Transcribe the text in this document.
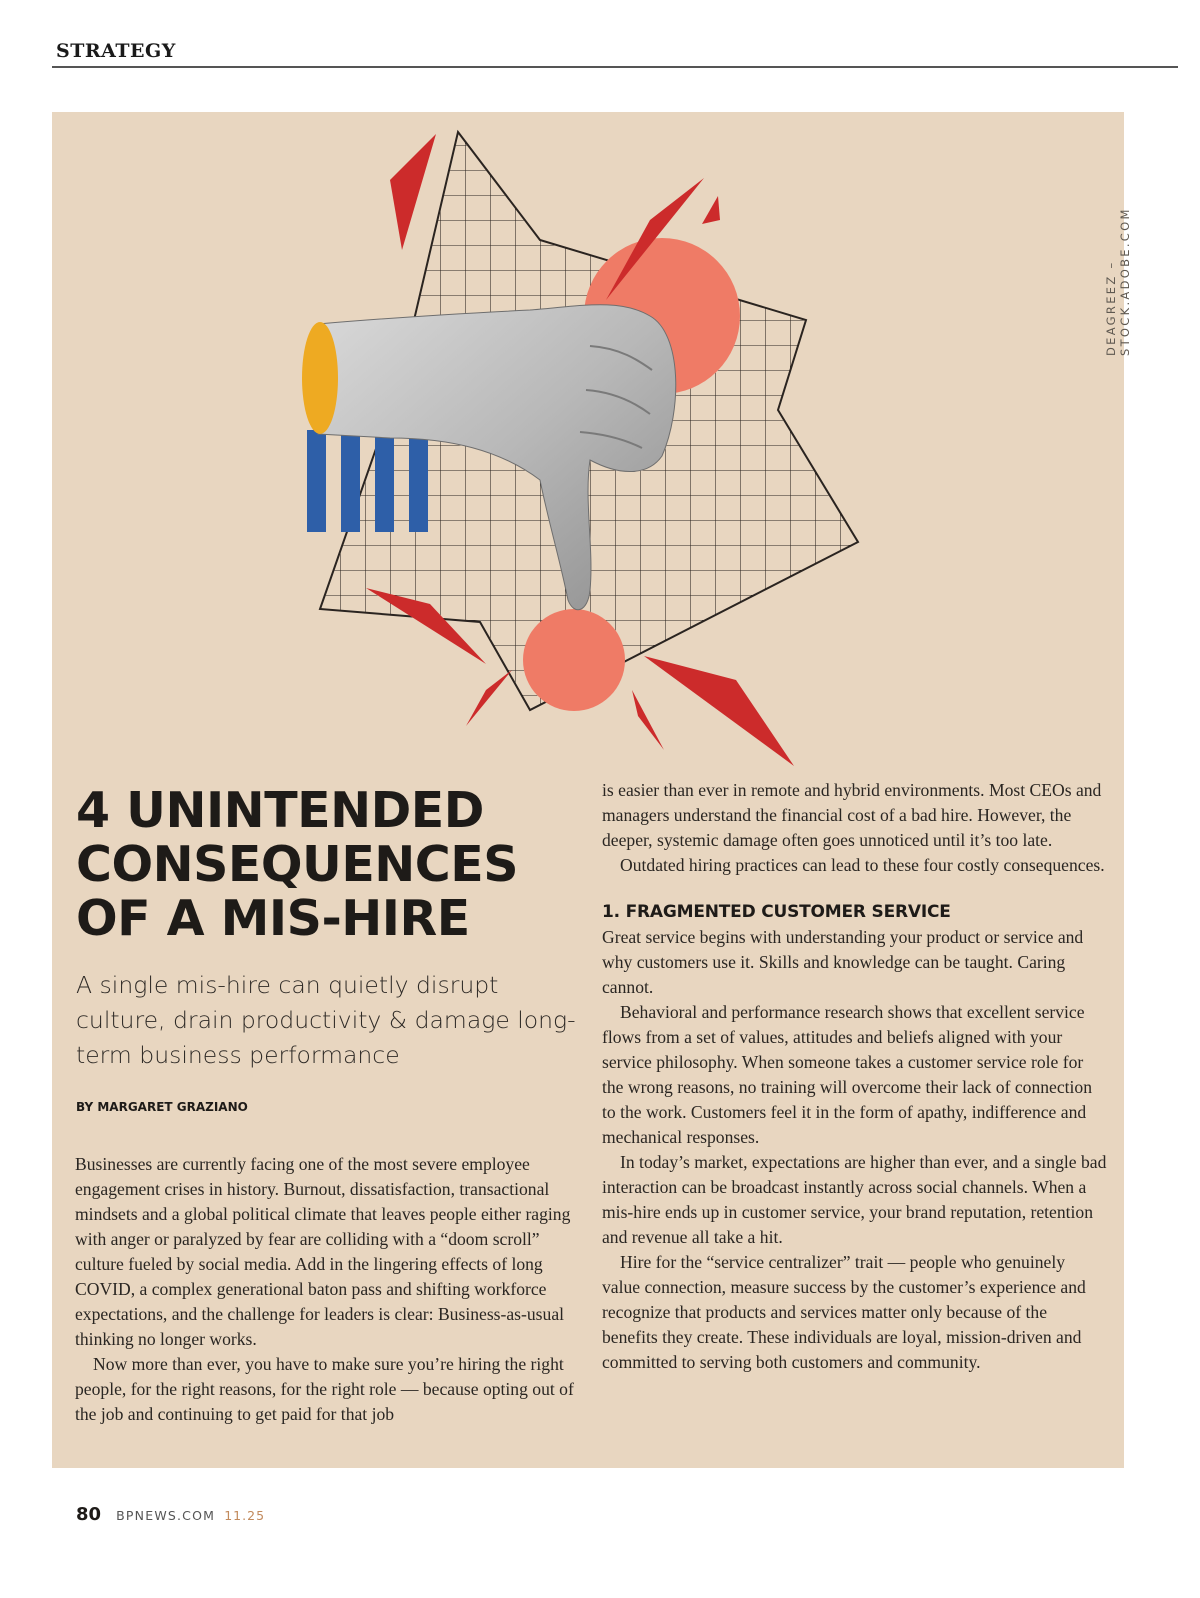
STRATEGY
DEAGREEZ – STOCK.ADOBE.COM
4 UNINTENDED
CONSEQUENCES
OF A MIS-HIRE

A single mis-hire can quietly disrupt culture, drain productivity & damage long-term business performance

BY MARGARET GRAZIANO

Businesses are currently facing one of the most severe employee engagement crises in history. Burnout, dissatisfaction, transactional mindsets and a global political climate that leaves people either raging with anger or paralyzed by fear are colliding with a “doom scroll” culture fueled by social media. Add in the lingering effects of long COVID, a complex generational baton pass and shifting workforce expectations, and the challenge for leaders is clear: Business-as-usual thinking no longer works.

Now more than ever, you have to make sure you’re hiring the right people, for the right reasons, for the right role — because opting out of the job and continuing to get paid for that job

is easier than ever in remote and hybrid environments. Most CEOs and managers understand the financial cost of a bad hire. However, the deeper, systemic damage often goes unnoticed until it’s too late.

Outdated hiring practices can lead to these four costly consequences.

1. FRAGMENTED CUSTOMER SERVICE

Great service begins with understanding your product or service and why customers use it. Skills and knowledge can be taught. Caring cannot.

Behavioral and performance research shows that excellent service flows from a set of values, attitudes and beliefs aligned with your service philosophy. When someone takes a customer service role for the wrong reasons, no training will overcome their lack of connection to the work. Customers feel it in the form of apathy, indifference and mechanical responses.

In today’s market, expectations are higher than ever, and a single bad interaction can be broadcast instantly across social channels. When a mis-hire ends up in customer service, your brand reputation, retention and revenue all take a hit.

Hire for the “service centralizer” trait — people who genuinely value connection, measure success by the customer’s experience and recognize that products and services matter only because of the benefits they create. These individuals are loyal, mission-driven and committed to serving both customers and community.

80 BPNEWS.COM 11.25
